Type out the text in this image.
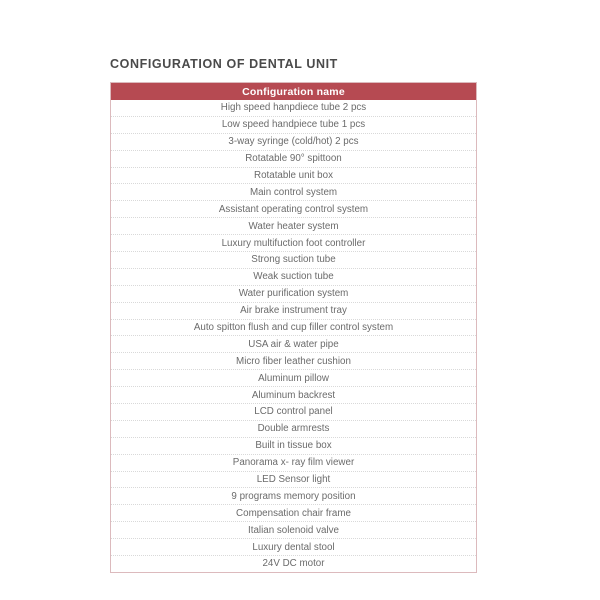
CONFIGURATION OF DENTAL UNIT
Configuration name
High speed hanpdiece tube 2 pcs
Low speed handpiece tube 1 pcs
3-way syringe (cold/hot) 2 pcs
Rotatable 90° spittoon
Rotatable unit box
Main control system
Assistant operating control system
Water heater system
Luxury multifuction foot controller
Strong suction tube
Weak suction tube
Water purification system
Air brake instrument tray
Auto spitton flush and cup filler control system
USA air & water pipe
Micro fiber leather cushion
Aluminum pillow
Aluminum backrest
LCD control panel
Double armrests
Built in tissue box
Panorama x- ray film viewer
LED Sensor light
9 programs memory position
Compensation chair frame
Italian solenoid valve
Luxury dental stool
24V DC motor
